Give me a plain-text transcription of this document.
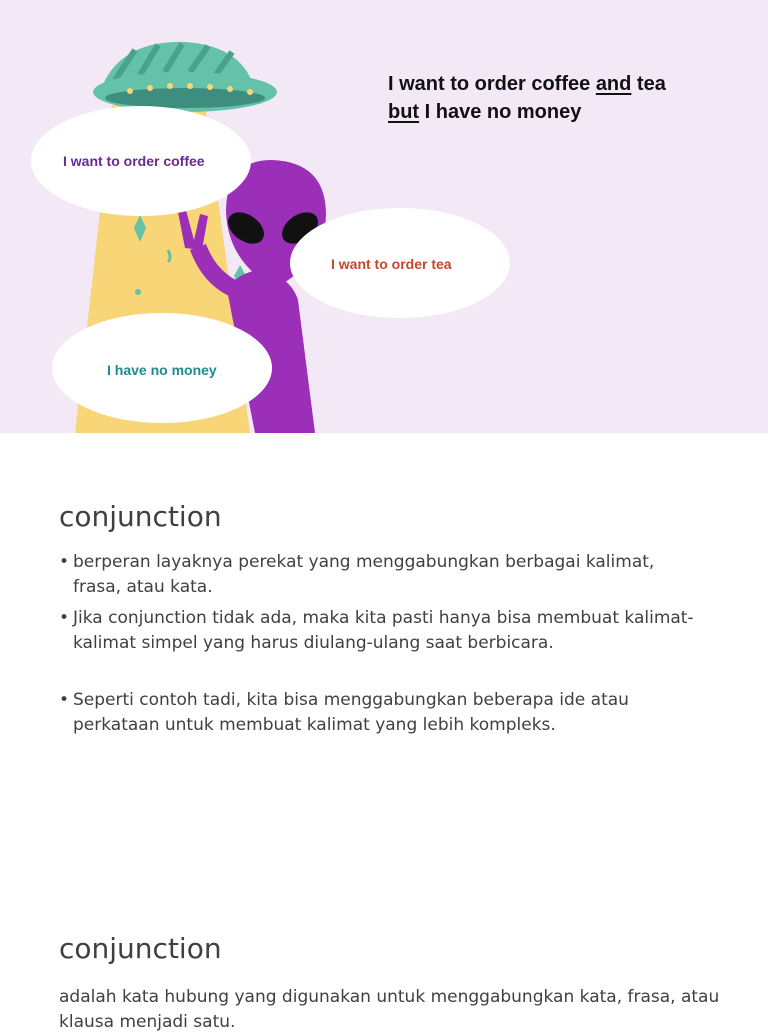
I want to order coffee and tea
but I have no money
I want to order coffee
I want to order tea
I have no money
conjunction
• berperan layaknya perekat yang menggabungkan berbagai kalimat, frasa, atau kata.
• Jika conjunction tidak ada, maka kita pasti hanya bisa membuat kalimat-kalimat simpel yang harus diulang-ulang saat berbicara.
• Seperti contoh tadi, kita bisa menggabungkan beberapa ide atau perkataan untuk membuat kalimat yang lebih kompleks.
conjunction
adalah kata hubung yang digunakan untuk menggabungkan kata, frasa, atau klausa menjadi satu.
